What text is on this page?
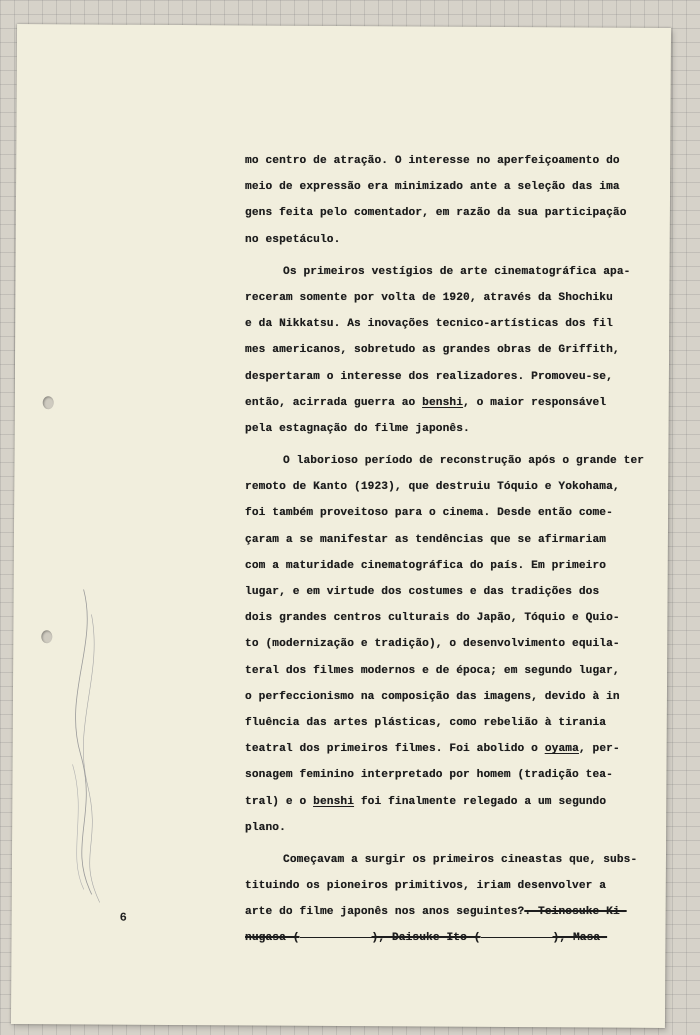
6
mo centro de atração. O interesse no aperfeiçoamento do
meio de expressão era minimizado ante a seleção das ima
gens feita pelo comentador, em razão da sua participação
no espetáculo.
Os primeiros vestígios de arte cinematográfica apa-
receram somente por volta de 1920, através da Shochiku
e da Nikkatsu. As inovações tecnico-artísticas dos fil
mes americanos, sobretudo as grandes obras de Griffith,
despertaram o interesse dos realizadores. Promoveu-se,
então, acirrada guerra ao benshi, o maior responsável
pela estagnação do filme japonês.
O laborioso período de reconstrução após o grande ter
remoto de Kanto (1923), que destruiu Tóquio e Yokohama,
foi também proveitoso para o cinema. Desde então come-
çaram a se manifestar as tendências que se afirmariam
com a maturidade cinematográfica do país. Em primeiro
lugar, e em virtude dos costumes e das tradições dos
dois grandes centros culturais do Japão, Tóquio e Quio-
to (modernização e tradição), o desenvolvimento equila-
teral dos filmes modernos e de época; em segundo lugar,
o perfeccionismo na composição das imagens, devido à in
fluência das artes plásticas, como rebelião à tirania
teatral dos primeiros filmes. Foi abolido o oyama, per-
sonagem feminino interpretado por homem (tradição tea-
tral) e o benshi foi finalmente relegado a um segundo
plano.
Começavam a surgir os primeiros cineastas que, subs-
tituindo os pioneiros primitivos, iriam desenvolver a
arte do filme japonês nos anos seguintes?. Teinosuke Ki-
nugasa (	), Daisuke Ito (	), Masa-
